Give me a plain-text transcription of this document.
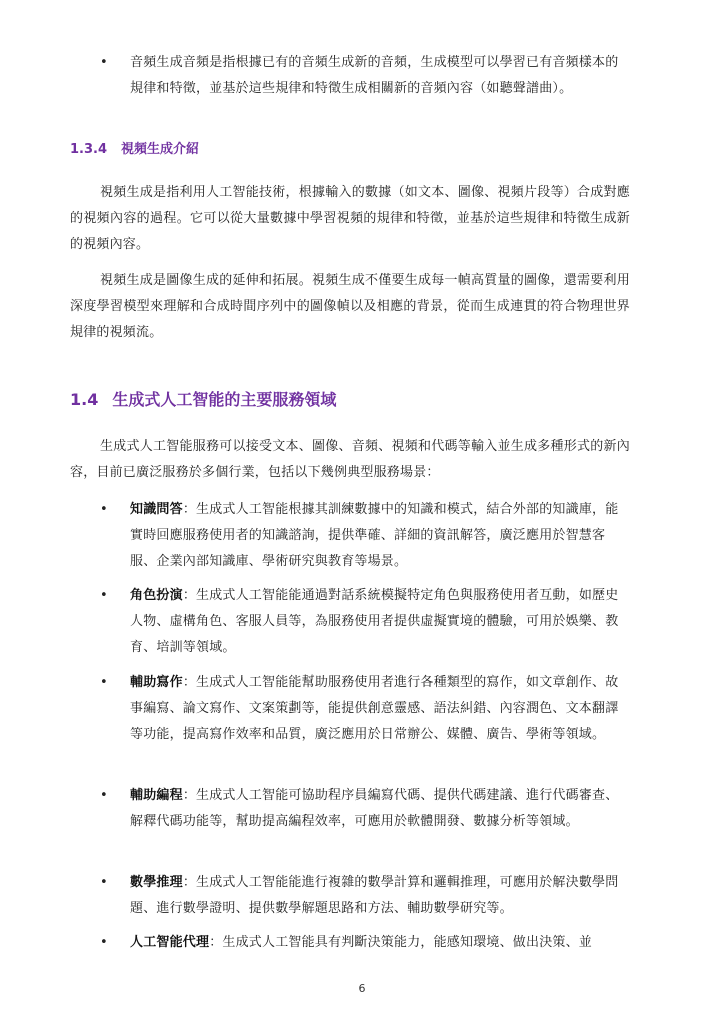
• 音頻生成音頻是指根據已有的音頻生成新的音頻，生成模型可以學習已有音頻樣本的規律和特徵，並基於這些規律和特徵生成相關新的音頻內容（如聽聲譜曲）。
1.3.4 視頻生成介紹
視頻生成是指利用人工智能技術，根據輸入的數據（如文本、圖像、視頻片段等）合成對應的視頻內容的過程。它可以從大量數據中學習視頻的規律和特徵，並基於這些規律和特徵生成新的視頻內容。
視頻生成是圖像生成的延伸和拓展。視頻生成不僅要生成每一幀高質量的圖像，還需要利用深度學習模型來理解和合成時間序列中的圖像幀以及相應的背景，從而生成連貫的符合物理世界規律的視頻流。
1.4 生成式人工智能的主要服務領域
生成式人工智能服務可以接受文本、圖像、音頻、視頻和代碼等輸入並生成多種形式的新內容，目前已廣泛服務於多個行業，包括以下幾例典型服務場景：
• 知識問答：生成式人工智能根據其訓練數據中的知識和模式，結合外部的知識庫，能實時回應服務使用者的知識諮詢，提供準確、詳細的資訊解答，廣泛應用於智慧客服、企業內部知識庫、學術研究與教育等場景。
• 角色扮演：生成式人工智能能通過對話系統模擬特定角色與服務使用者互動，如歷史人物、虛構角色、客服人員等，為服務使用者提供虛擬實境的體驗，可用於娛樂、教育、培訓等領域。
• 輔助寫作：生成式人工智能能幫助服務使用者進行各種類型的寫作，如文章創作、故事編寫、論文寫作、文案策劃等，能提供創意靈感、語法糾錯、內容潤色、文本翻譯等功能，提高寫作效率和品質，廣泛應用於日常辦公、媒體、廣告、學術等領域。
• 輔助編程：生成式人工智能可協助程序員編寫代碼、提供代碼建議、進行代碼審查、解釋代碼功能等，幫助提高編程效率，可應用於軟體開發、數據分析等領域。
• 數學推理：生成式人工智能能進行複雜的數學計算和邏輯推理，可應用於解決數學問題、進行數學證明、提供數學解題思路和方法、輔助數學研究等。
• 人工智能代理：生成式人工智能具有判斷決策能力，能感知環境、做出決策、並
6
